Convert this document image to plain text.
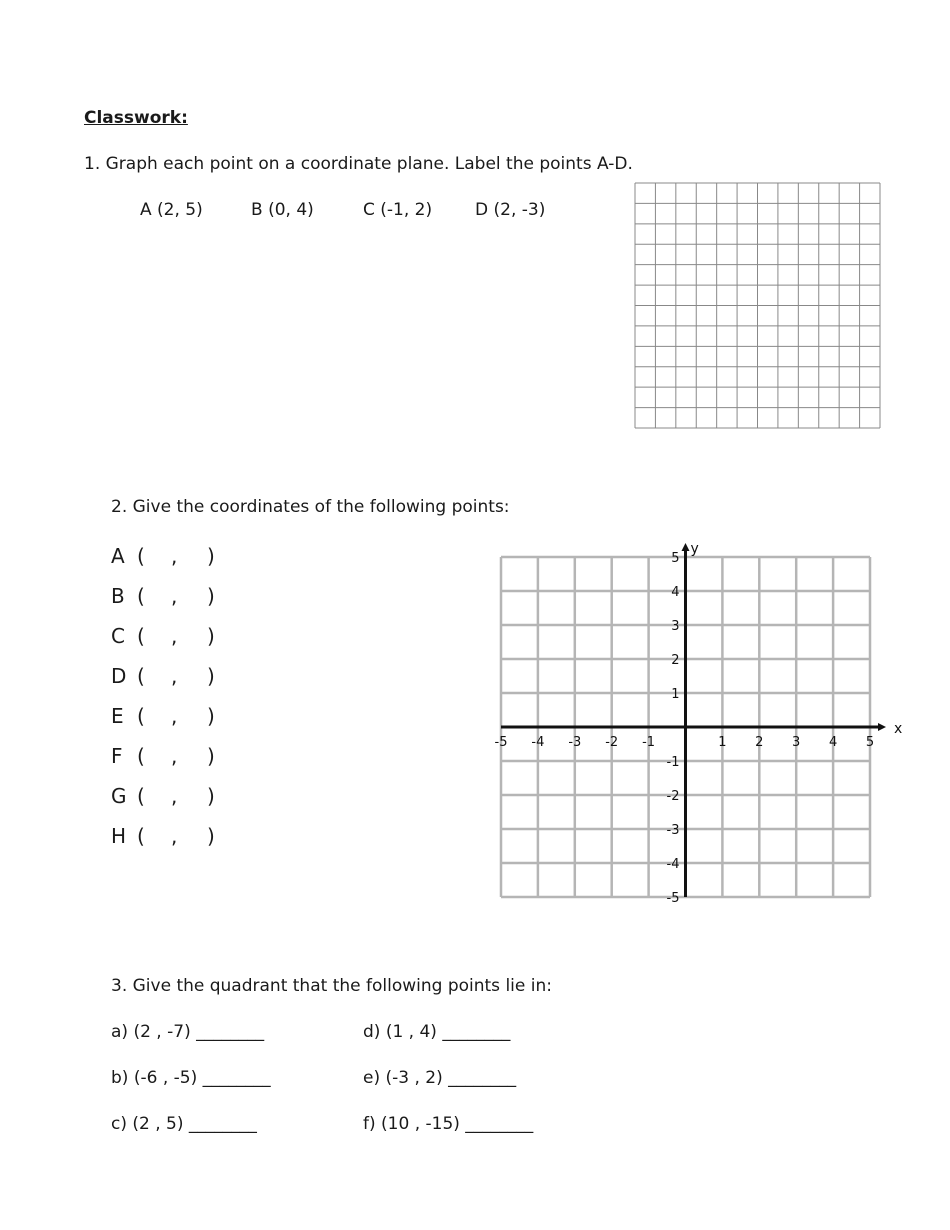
Classwork:
1. Graph each point on a coordinate plane. Label the points A-D.
A (2, 5)	B (0, 4)	C (-1, 2)	D (2, -3)
2. Give the coordinates of the following points:
A ( , )
B ( , )
C ( , )
D ( , )
E ( , )
F ( , )
G ( , )
H ( , )
-5 -4 -3 -2 -1	1 2 3 4 5
5
4
3
2
1
-1
-2
-3
-4
-5
x
y
3. Give the quadrant that the following points lie in:
a) (2 , -7) ________	d) (1 , 4) ________
b) (-6 , -5) ________	e) (-3 , 2) ________
c) (2 , 5) ________	f) (10 , -15) ________
